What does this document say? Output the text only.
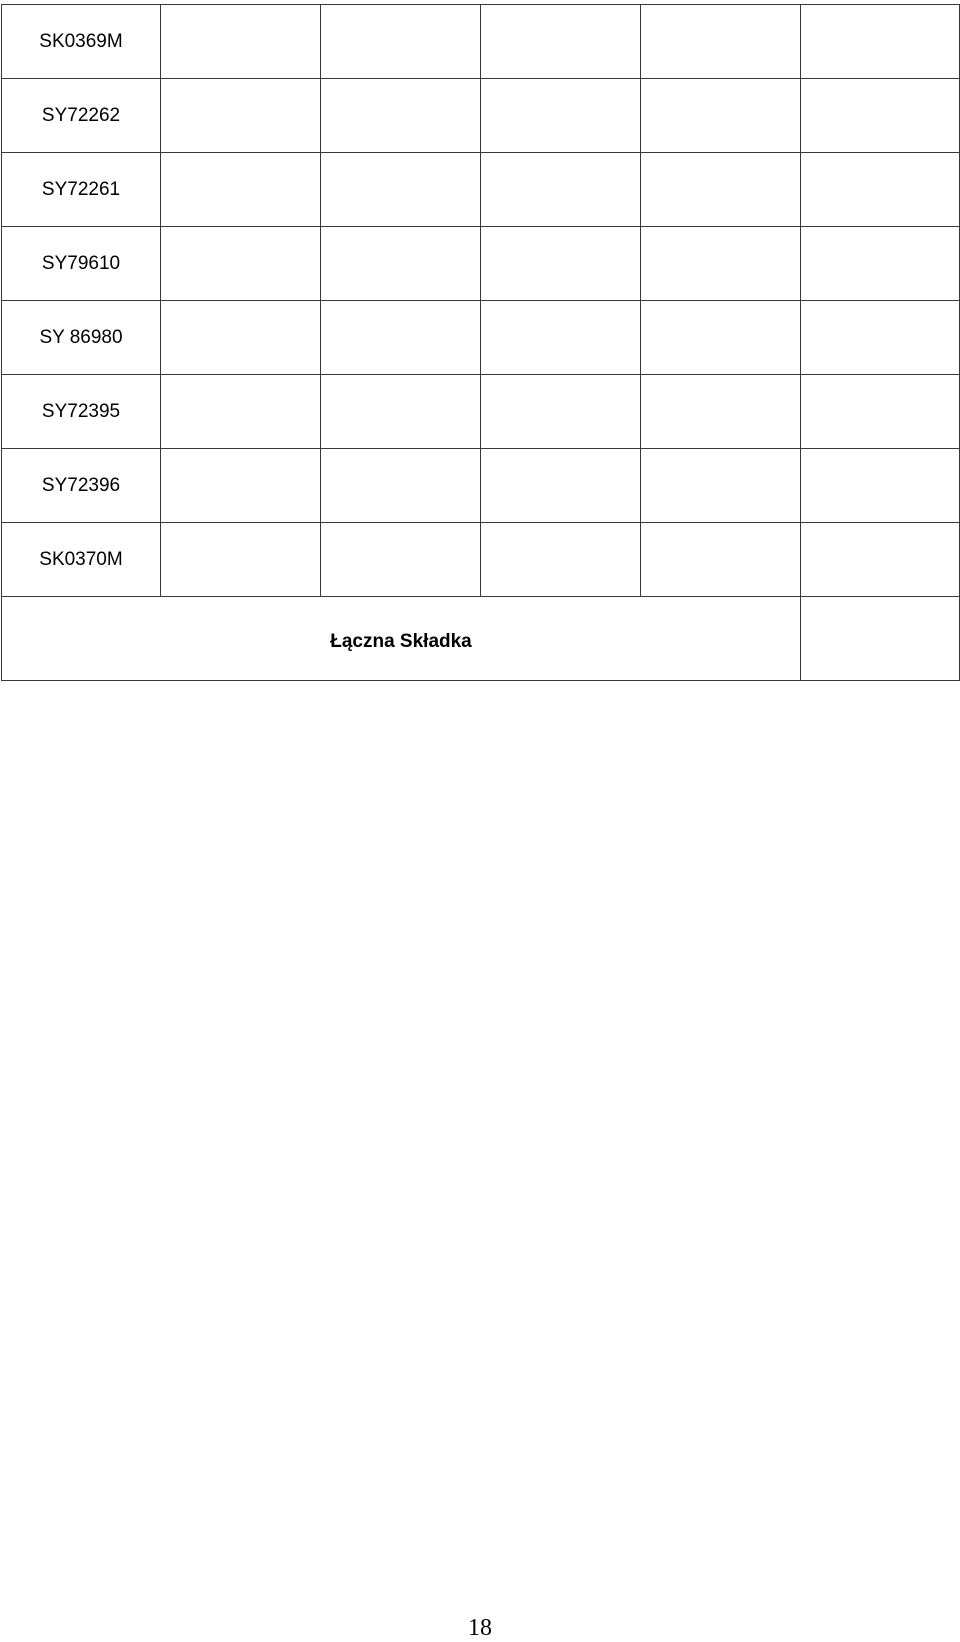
SK0369M					
SY72262					
SY72261					
SY79610					
SY 86980					
SY72395					
SY72396					
SK0370M					
Łączna Składka					
18
